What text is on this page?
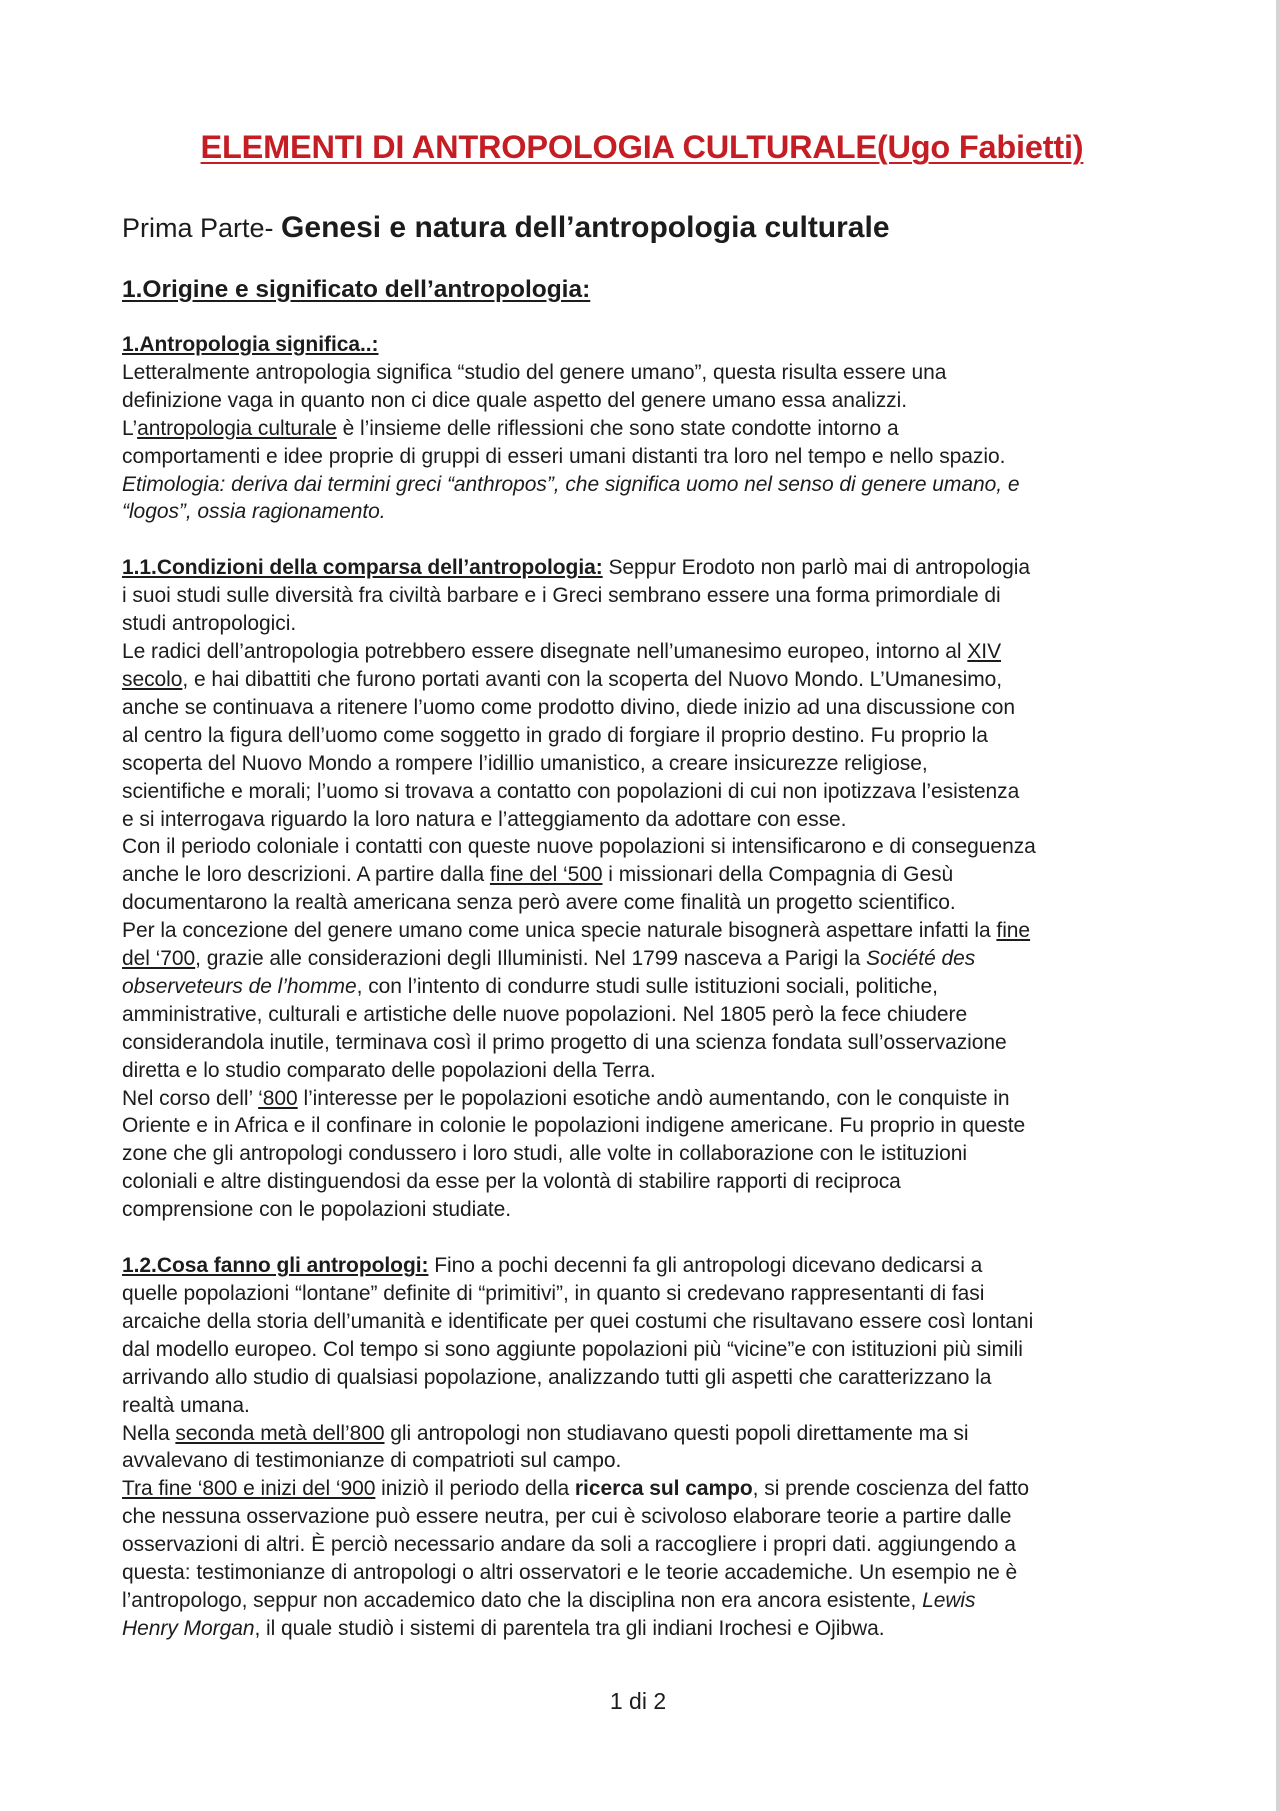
ELEMENTI DI ANTROPOLOGIA CULTURALE(Ugo Fabietti)
Prima Parte- Genesi e natura dell’antropologia culturale
1.Origine e significato dell’antropologia:
1.Antropologia significa..:
Letteralmente antropologia significa “studio del genere umano”, questa risulta essere una
definizione vaga in quanto non ci dice quale aspetto del genere umano essa analizzi.
L’antropologia culturale è l’insieme delle riflessioni che sono state condotte intorno a
comportamenti e idee proprie di gruppi di esseri umani distanti tra loro nel tempo e nello spazio.
Etimologia: deriva dai termini greci “anthropos”, che significa uomo nel senso di genere umano, e
“logos”, ossia ragionamento.
1.1.Condizioni della comparsa dell’antropologia: Seppur Erodoto non parlò mai di antropologia
i suoi studi sulle diversità fra civiltà barbare e i Greci sembrano essere una forma primordiale di
studi antropologici.
Le radici dell’antropologia potrebbero essere disegnate nell’umanesimo europeo, intorno al XIV
secolo, e hai dibattiti che furono portati avanti con la scoperta del Nuovo Mondo. L’Umanesimo,
anche se continuava a ritenere l’uomo come prodotto divino, diede inizio ad una discussione con
al centro la figura dell’uomo come soggetto in grado di forgiare il proprio destino. Fu proprio la
scoperta del Nuovo Mondo a rompere l’idillio umanistico, a creare insicurezze religiose,
scientifiche e morali; l’uomo si trovava a contatto con popolazioni di cui non ipotizzava l’esistenza
e si interrogava riguardo la loro natura e l’atteggiamento da adottare con esse.
Con il periodo coloniale i contatti con queste nuove popolazioni si intensificarono e di conseguenza
anche le loro descrizioni. A partire dalla fine del ‘500 i missionari della Compagnia di Gesù
documentarono la realtà americana senza però avere come finalità un progetto scientifico.
Per la concezione del genere umano come unica specie naturale bisognerà aspettare infatti la fine
del ‘700, grazie alle considerazioni degli Illuministi. Nel 1799 nasceva a Parigi la Société des
observeteurs de l’homme, con l’intento di condurre studi sulle istituzioni sociali, politiche,
amministrative, culturali e artistiche delle nuove popolazioni. Nel 1805 però la fece chiudere
considerandola inutile, terminava così il primo progetto di una scienza fondata sull’osservazione
diretta e lo studio comparato delle popolazioni della Terra.
Nel corso dell’ ‘800 l’interesse per le popolazioni esotiche andò aumentando, con le conquiste in
Oriente e in Africa e il confinare in colonie le popolazioni indigene americane. Fu proprio in queste
zone che gli antropologi condussero i loro studi, alle volte in collaborazione con le istituzioni
coloniali e altre distinguendosi da esse per la volontà di stabilire rapporti di reciproca
comprensione con le popolazioni studiate.
1.2.Cosa fanno gli antropologi: Fino a pochi decenni fa gli antropologi dicevano dedicarsi a
quelle popolazioni “lontane” definite di “primitivi”, in quanto si credevano rappresentanti di fasi
arcaiche della storia dell’umanità e identificate per quei costumi che risultavano essere così lontani
dal modello europeo. Col tempo si sono aggiunte popolazioni più “vicine”e con istituzioni più simili
arrivando allo studio di qualsiasi popolazione, analizzando tutti gli aspetti che caratterizzano la
realtà umana.
Nella seconda metà dell’800 gli antropologi non studiavano questi popoli direttamente ma si
avvalevano di testimonianze di compatrioti sul campo.
Tra fine ‘800 e inizi del ‘900 iniziò il periodo della ricerca sul campo, si prende coscienza del fatto
che nessuna osservazione può essere neutra, per cui è scivoloso elaborare teorie a partire dalle
osservazioni di altri. È perciò necessario andare da soli a raccogliere i propri dati. aggiungendo a
questa: testimonianze di antropologi o altri osservatori e le teorie accademiche. Un esempio ne è
l’antropologo, seppur non accademico dato che la disciplina non era ancora esistente, Lewis
Henry Morgan, il quale studiò i sistemi di parentela tra gli indiani Irochesi e Ojibwa.
1 di 2
